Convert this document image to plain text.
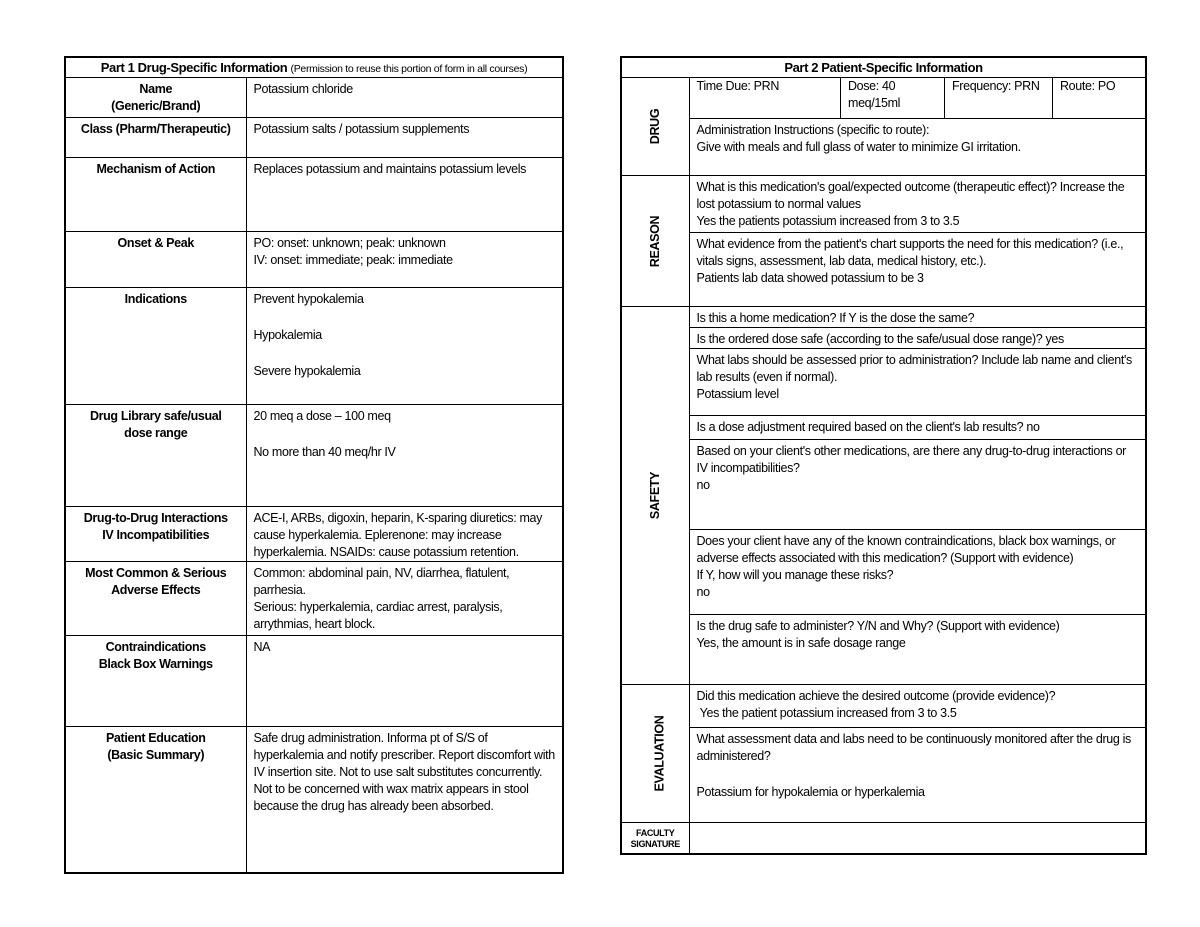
Part 1 Drug-Specific Information (Permission to reuse this portion of form in all courses)	

Name
(Generic/Brand)	Potassium chloride

Class (Pharm/Therapeutic)	Potassium salts / potassium supplements

Mechanism of Action	Replaces potassium and maintains potassium levels

Onset & Peak	PO: onset: unknown; peak: unknown
IV: onset: immediate; peak: immediate

Indications	Prevent hypokalemia
Hypokalemia
Severe hypokalemia

Drug Library safe/usual
dose range	20 meq a dose – 100 meq
No more than 40 meq/hr IV

Drug-to-Drug Interactions
IV Incompatibilities	ACE-I, ARBs, digoxin, heparin, K-sparing diuretics: may cause hyperkalemia. Eplerenone: may increase hyperkalemia. NSAIDs: cause potassium retention.

Most Common & Serious
Adverse Effects	Common: abdominal pain, NV, diarrhea, flatulent, parrhesia.
Serious: hyperkalemia, cardiac arrest, paralysis, arrythmias, heart block.

Contraindications
Black Box Warnings	NA

Patient Education
(Basic Summary)	Safe drug administration. Informa pt of S/S of hyperkalemia and notify prescriber. Report discomfort with IV insertion site. Not to use salt substitutes concurrently. Not to be concerned with wax matrix appears in stool because the drug has already been absorbed.
Part 2 Patient-Specific Information
DRUG	
Time Due: PRN	Dose: 40 meq/15ml	Frequency: PRN	Route: PO

Administration Instructions (specific to route):
Give with meals and full glass of water to minimize GI irritation.

REASON	
What is this medication's goal/expected outcome (therapeutic effect)? Increase the lost potassium to normal values
Yes the patients potassium increased from 3 to 3.5

What evidence from the patient's chart supports the need for this medication? (i.e., vitals signs, assessment, lab data, medical history, etc.).
Patients lab data showed potassium to be 3

SAFETY	Is this a home medication? If Y is the dose the same?
Is the ordered dose safe (according to the safe/usual dose range)? yes

What labs should be assessed prior to administration? Include lab name and client's lab results (even if normal).
Potassium level

Is a dose adjustment required based on the client's lab results? no

Based on your client's other medications, are there any drug-to-drug interactions or IV incompatibilities?
no

Does your client have any of the known contraindications, black box warnings, or adverse effects associated with this medication? (Support with evidence)
If Y, how will you manage these risks?
no

Is the drug safe to administer? Y/N and Why? (Support with evidence)
Yes, the amount is in safe dosage range

EVALUATION	
Did this medication achieve the desired outcome (provide evidence)?
Yes the patient potassium increased from 3 to 3.5

What assessment data and labs need to be continuously monitored after the drug is administered?
Potassium for hypokalemia or hyperkalemia

FACULTY
SIGNATURE
